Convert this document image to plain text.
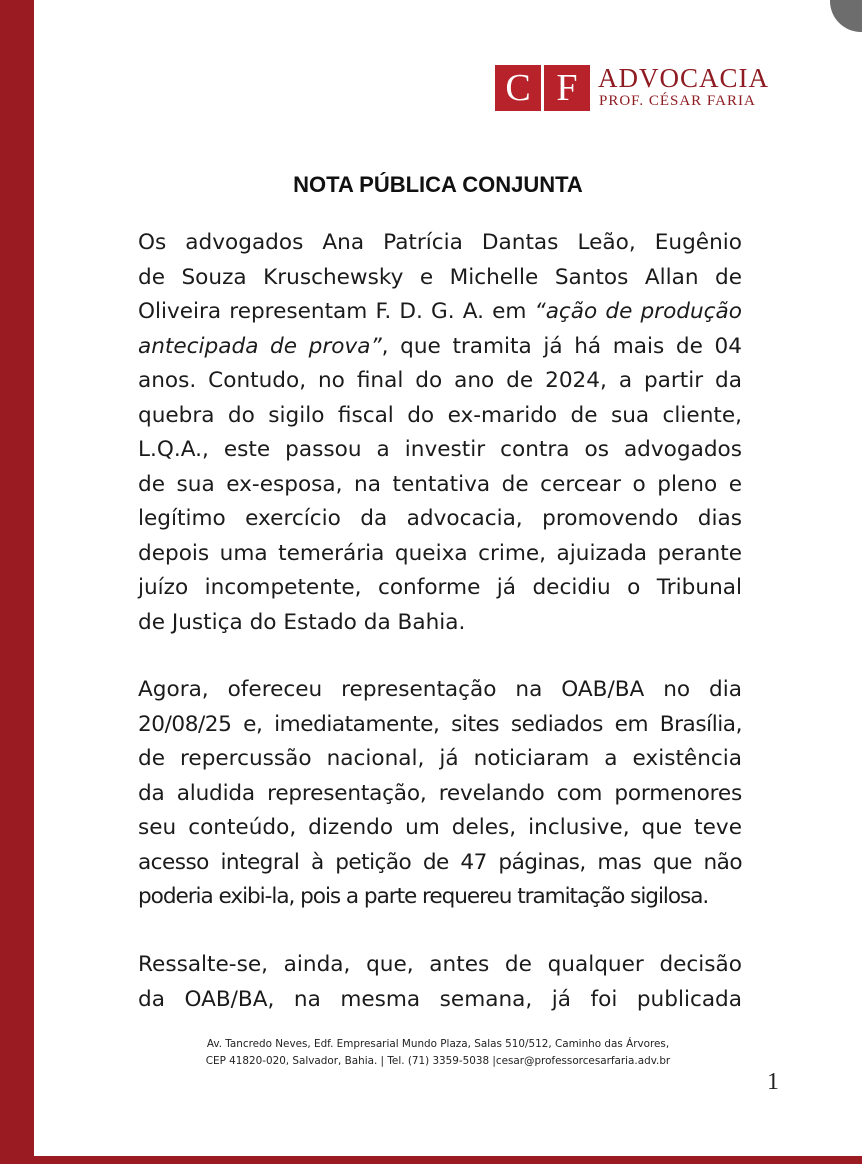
C F ADVOCACIA
PROF. CÉSAR FARIA
NOTA PÚBLICA CONJUNTA
Os advogados Ana Patrícia Dantas Leão, Eugênio
de Souza Kruschewsky e Michelle Santos Allan de
Oliveira representam F. D. G. A. em “ação de produção
antecipada de prova”, que tramita já há mais de 04
anos. Contudo, no final do ano de 2024, a partir da
quebra do sigilo fiscal do ex-marido de sua cliente,
L.Q.A., este passou a investir contra os advogados
de sua ex-esposa, na tentativa de cercear o pleno e
legítimo exercício da advocacia, promovendo dias
depois uma temerária queixa crime, ajuizada perante
juízo incompetente, conforme já decidiu o Tribunal
de Justiça do Estado da Bahia.
Agora, ofereceu representação na OAB/BA no dia
20/08/25 e, imediatamente, sites sediados em Brasília,
de repercussão nacional, já noticiaram a existência
da aludida representação, revelando com pormenores
seu conteúdo, dizendo um deles, inclusive, que teve
acesso integral à petição de 47 páginas, mas que não
poderia exibi-la, pois a parte requereu tramitação sigilosa.
Ressalte-se, ainda, que, antes de qualquer decisão
da OAB/BA, na mesma semana, já foi publicada
Av. Tancredo Neves, Edf. Empresarial Mundo Plaza, Salas 510/512, Caminho das Árvores,
CEP 41820-020, Salvador, Bahia. | Tel. (71) 3359-5038 |cesar@professorcesarfaria.adv.br
1
